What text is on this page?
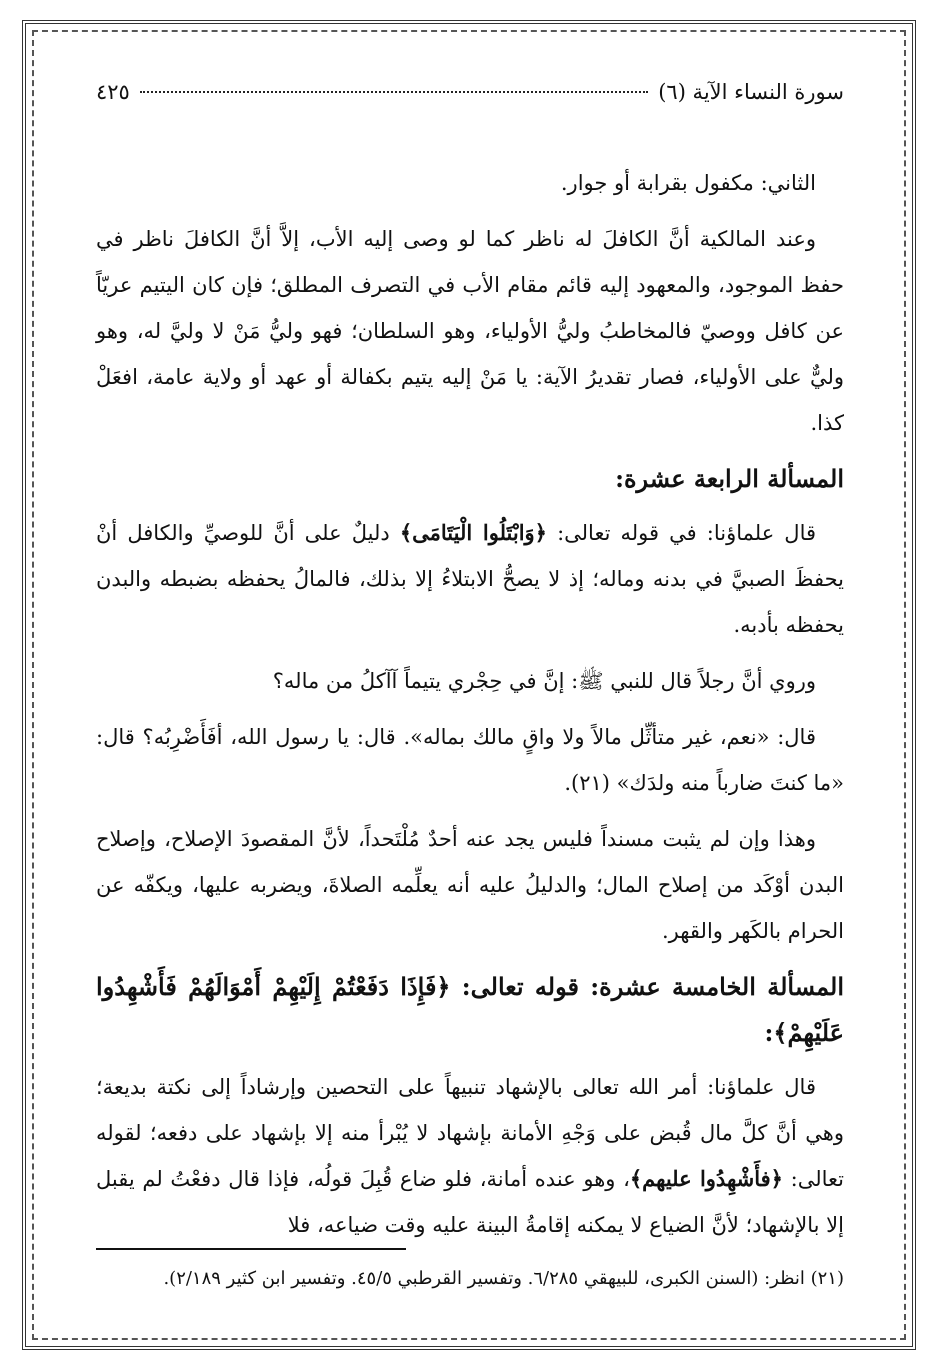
سورة النساء الآية (٦)
٤٢٥

الثاني: مكفول بقرابة أو جوار.

وعند المالكية أنَّ الكافلَ له ناظر كما لو وصى إليه الأب، إلاَّ أنَّ الكافلَ ناظر في حفظ الموجود، والمعهود إليه قائم مقام الأب في التصرف المطلق؛ فإن كان اليتيم عريّاً عن كافل ووصيّ فالمخاطبُ وليُّ الأولياء، وهو السلطان؛ فهو وليُّ مَنْ لا وليَّ له، وهو وليٌّ على الأولياء، فصار تقديرُ الآية: يا مَنْ إليه يتيم بكفالة أو عهد أو ولاية عامة، افعَلْ كذا.

المسألة الرابعة عشرة:

قال علماؤنا: في قوله تعالى: ﴿وَابْتَلُوا الْيَتَامَى﴾ دليلٌ على أنَّ للوصيِّ والكافل أنْ يحفظَ الصبيَّ في بدنه وماله؛ إذ لا يصحُّ الابتلاءُ إلا بذلك، فالمالُ يحفظه بضبطه والبدن يحفظه بأدبه.

وروي أنَّ رجلاً قال للنبي ﷺ: إنَّ في حِجْري يتيماً آآكلُ من ماله؟

قال: «نعم، غير متأثِّل مالاً ولا واقٍ مالك بماله». قال: يا رسول الله، أفَأَضْرِبُه؟ قال: «ما كنتَ ضارباً منه ولدَك» (٢١).

وهذا وإن لم يثبت مسنداً فليس يجد عنه أحدٌ مُلْتَحداً، لأنَّ المقصودَ الإصلاح، وإصلاح البدن أوْكَد من إصلاح المال؛ والدليلُ عليه أنه يعلِّمه الصلاةَ، ويضربه عليها، ويكفّه عن الحرام بالكَهر والقهر.

المسألة الخامسة عشرة: قوله تعالى: ﴿فَإِذَا دَفَعْتُمْ إِلَيْهِمْ أَمْوَالَهُمْ فَأَشْهِدُوا عَلَيْهِمْ﴾:

قال علماؤنا: أمر الله تعالى بالإشهاد تنبيهاً على التحصين وإرشاداً إلى نكتة بديعة؛ وهي أنَّ كلَّ مال قُبض على وَجْهِ الأمانة بإشهاد لا يُبْرأ منه إلا بإشهاد على دفعه؛ لقوله تعالى: ﴿فأَشْهِدُوا عليهم﴾، وهو عنده أمانة، فلو ضاع قُبِلَ قولُه، فإذا قال دفعْتُ لم يقبل إلا بالإشهاد؛ لأنَّ الضياع لا يمكنه إقامةُ البينة عليه وقت ضياعه، فلا

(٢١) انظر: (السنن الكبرى، للبيهقي ٦/٢٨٥. وتفسير القرطبي ٤٥/٥. وتفسير ابن كثير ٢/١٨٩).
